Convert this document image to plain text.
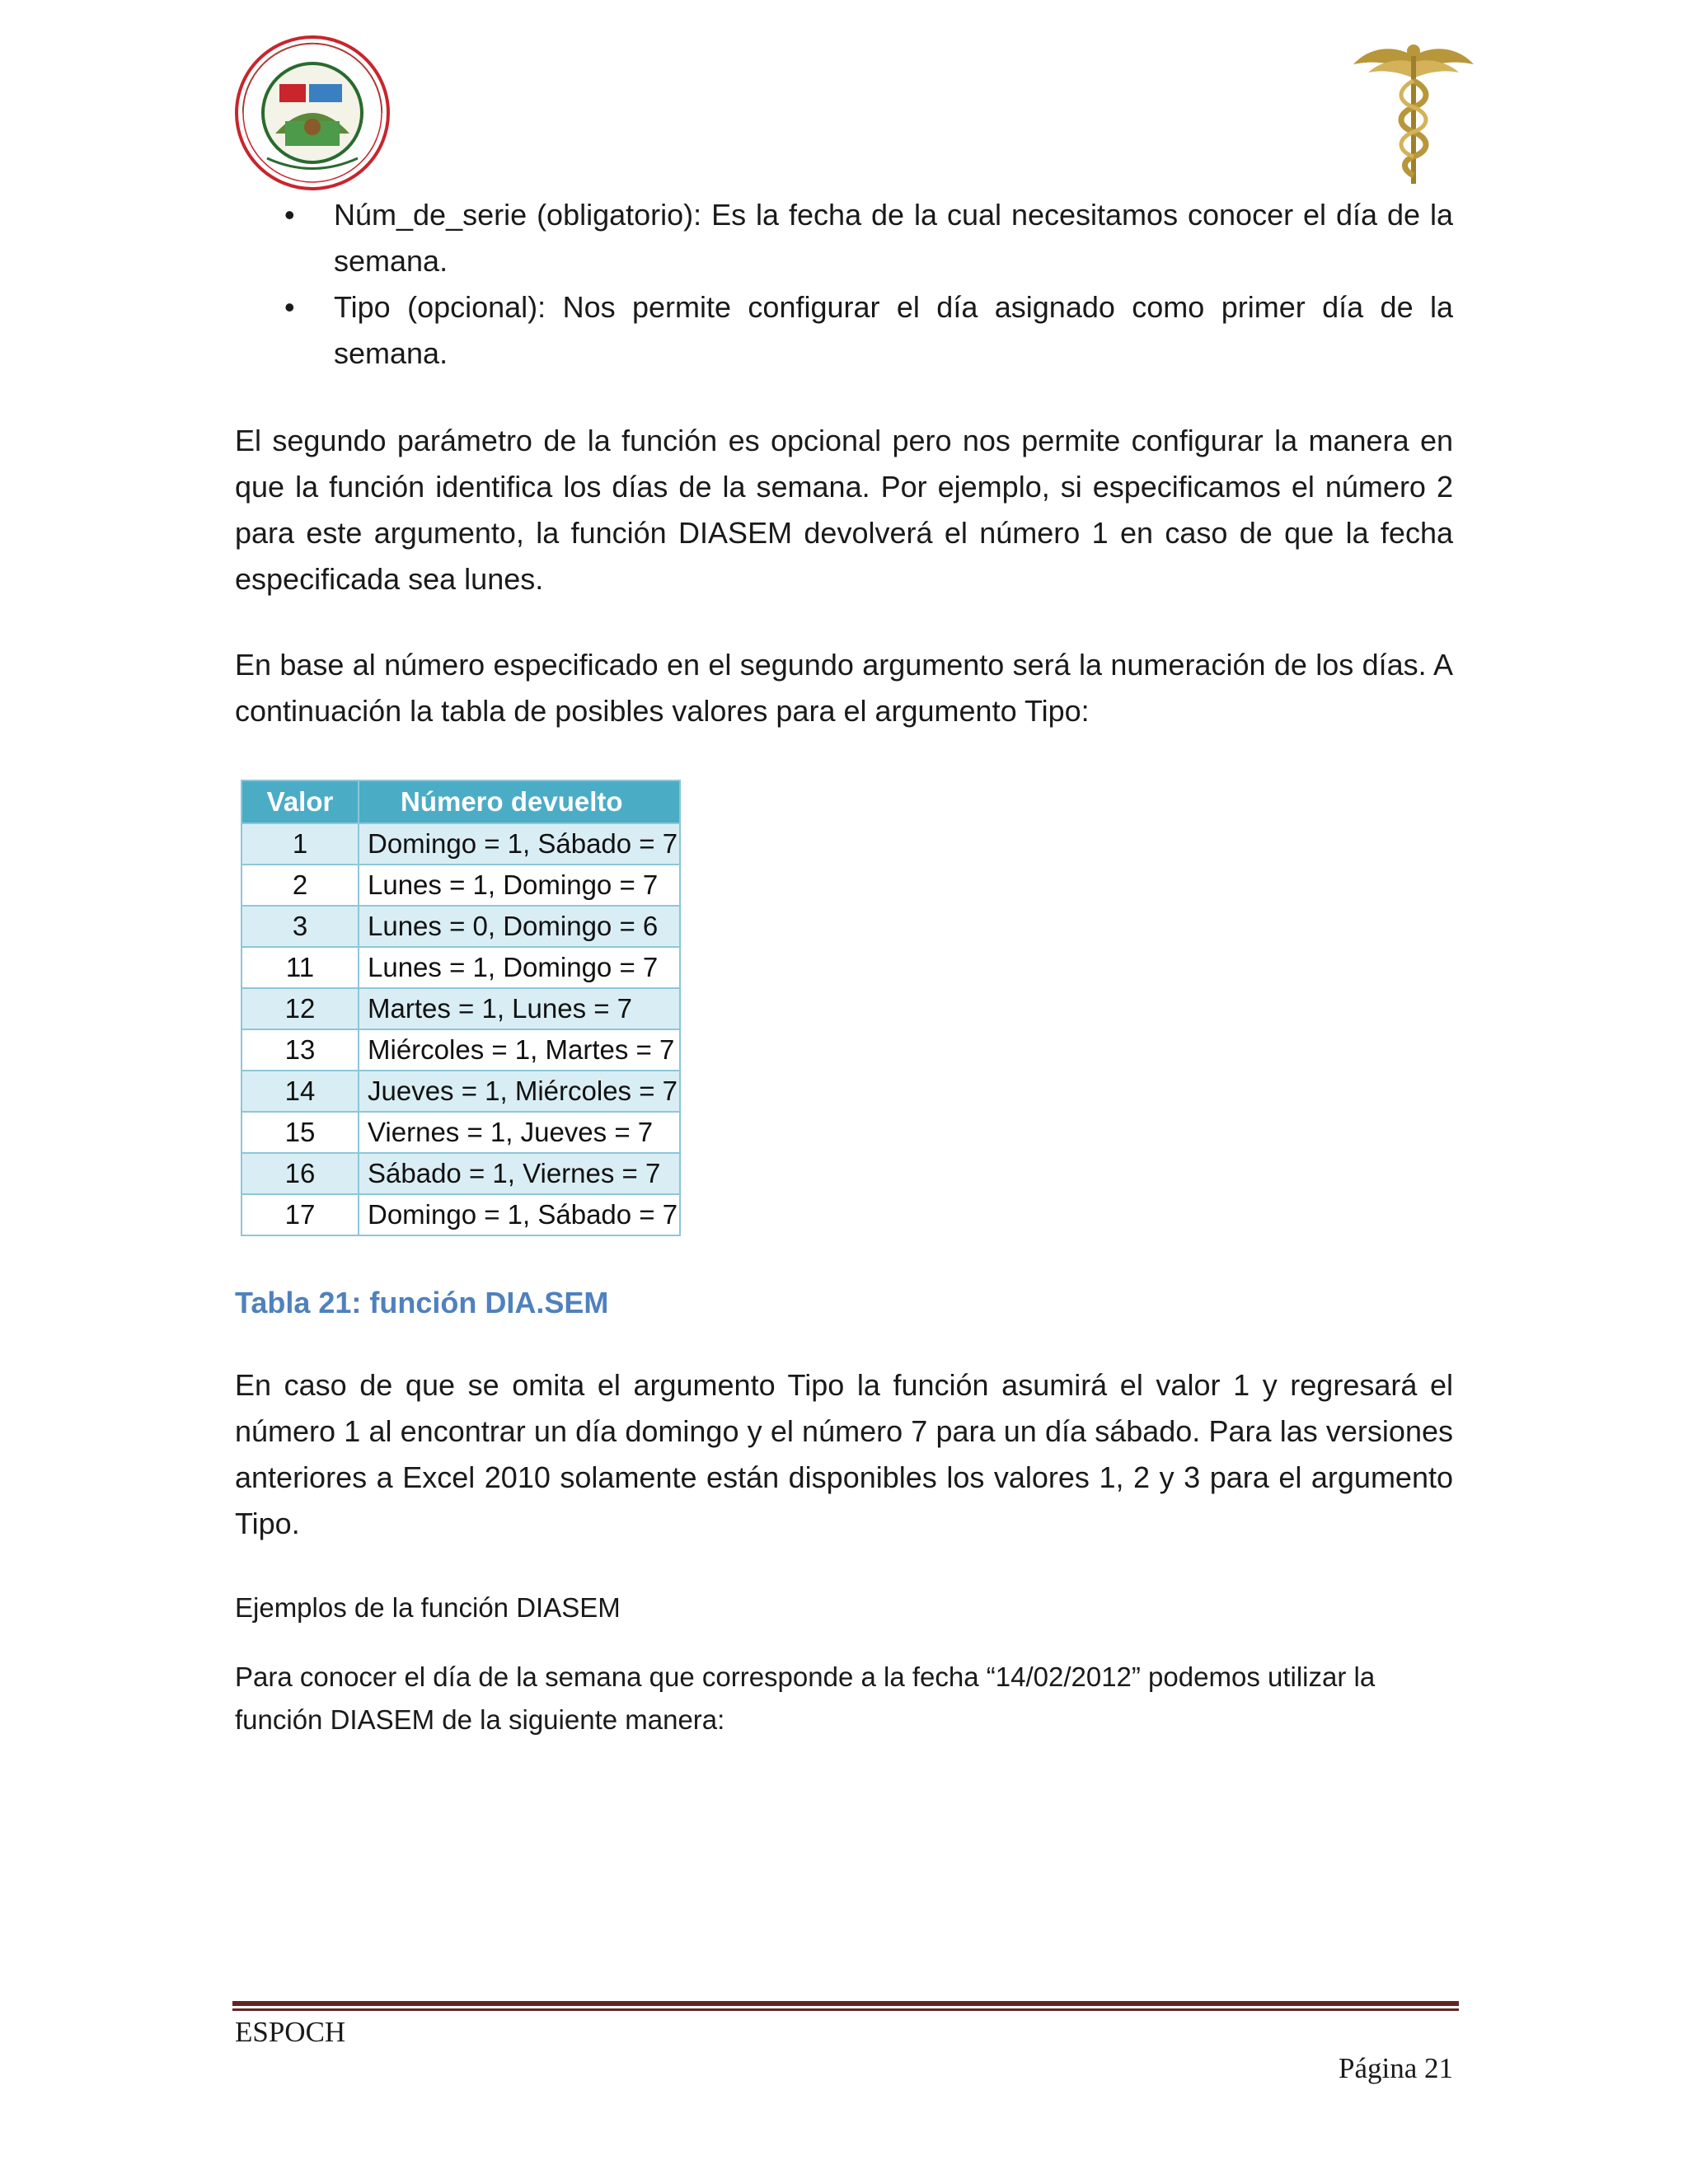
• Núm_de_serie (obligatorio): Es la fecha de la cual necesitamos conocer el día de la semana.
• Tipo (opcional): Nos permite configurar el día asignado como primer día de la semana.

El segundo parámetro de la función es opcional pero nos permite configurar la manera en que la función identifica los días de la semana. Por ejemplo, si especificamos el número 2 para este argumento, la función DIASEM devolverá el número 1 en caso de que la fecha especificada sea lunes.

En base al número especificado en el segundo argumento será la numeración de los días. A continuación la tabla de posibles valores para el argumento Tipo:

Valor	Número devuelto
1	Domingo = 1, Sábado = 7
2	Lunes = 1, Domingo = 7
3	Lunes = 0, Domingo = 6
11	Lunes = 1, Domingo = 7
12	Martes = 1, Lunes = 7
13	Miércoles = 1, Martes = 7
14	Jueves = 1, Miércoles = 7
15	Viernes = 1, Jueves = 7
16	Sábado = 1, Viernes = 7
17	Domingo = 1, Sábado = 7
Tabla 21: función DIA.SEM

En caso de que se omita el argumento Tipo la función asumirá el valor 1 y regresará el número 1 al encontrar un día domingo y el número 7 para un día sábado. Para las versiones anteriores a Excel 2010 solamente están disponibles los valores 1, 2 y 3 para el argumento Tipo.

Ejemplos de la función DIASEM

Para conocer el día de la semana que corresponde a la fecha “14/02/2012” podemos utilizar la función DIASEM de la siguiente manera:

ESPOCH
Página 21
